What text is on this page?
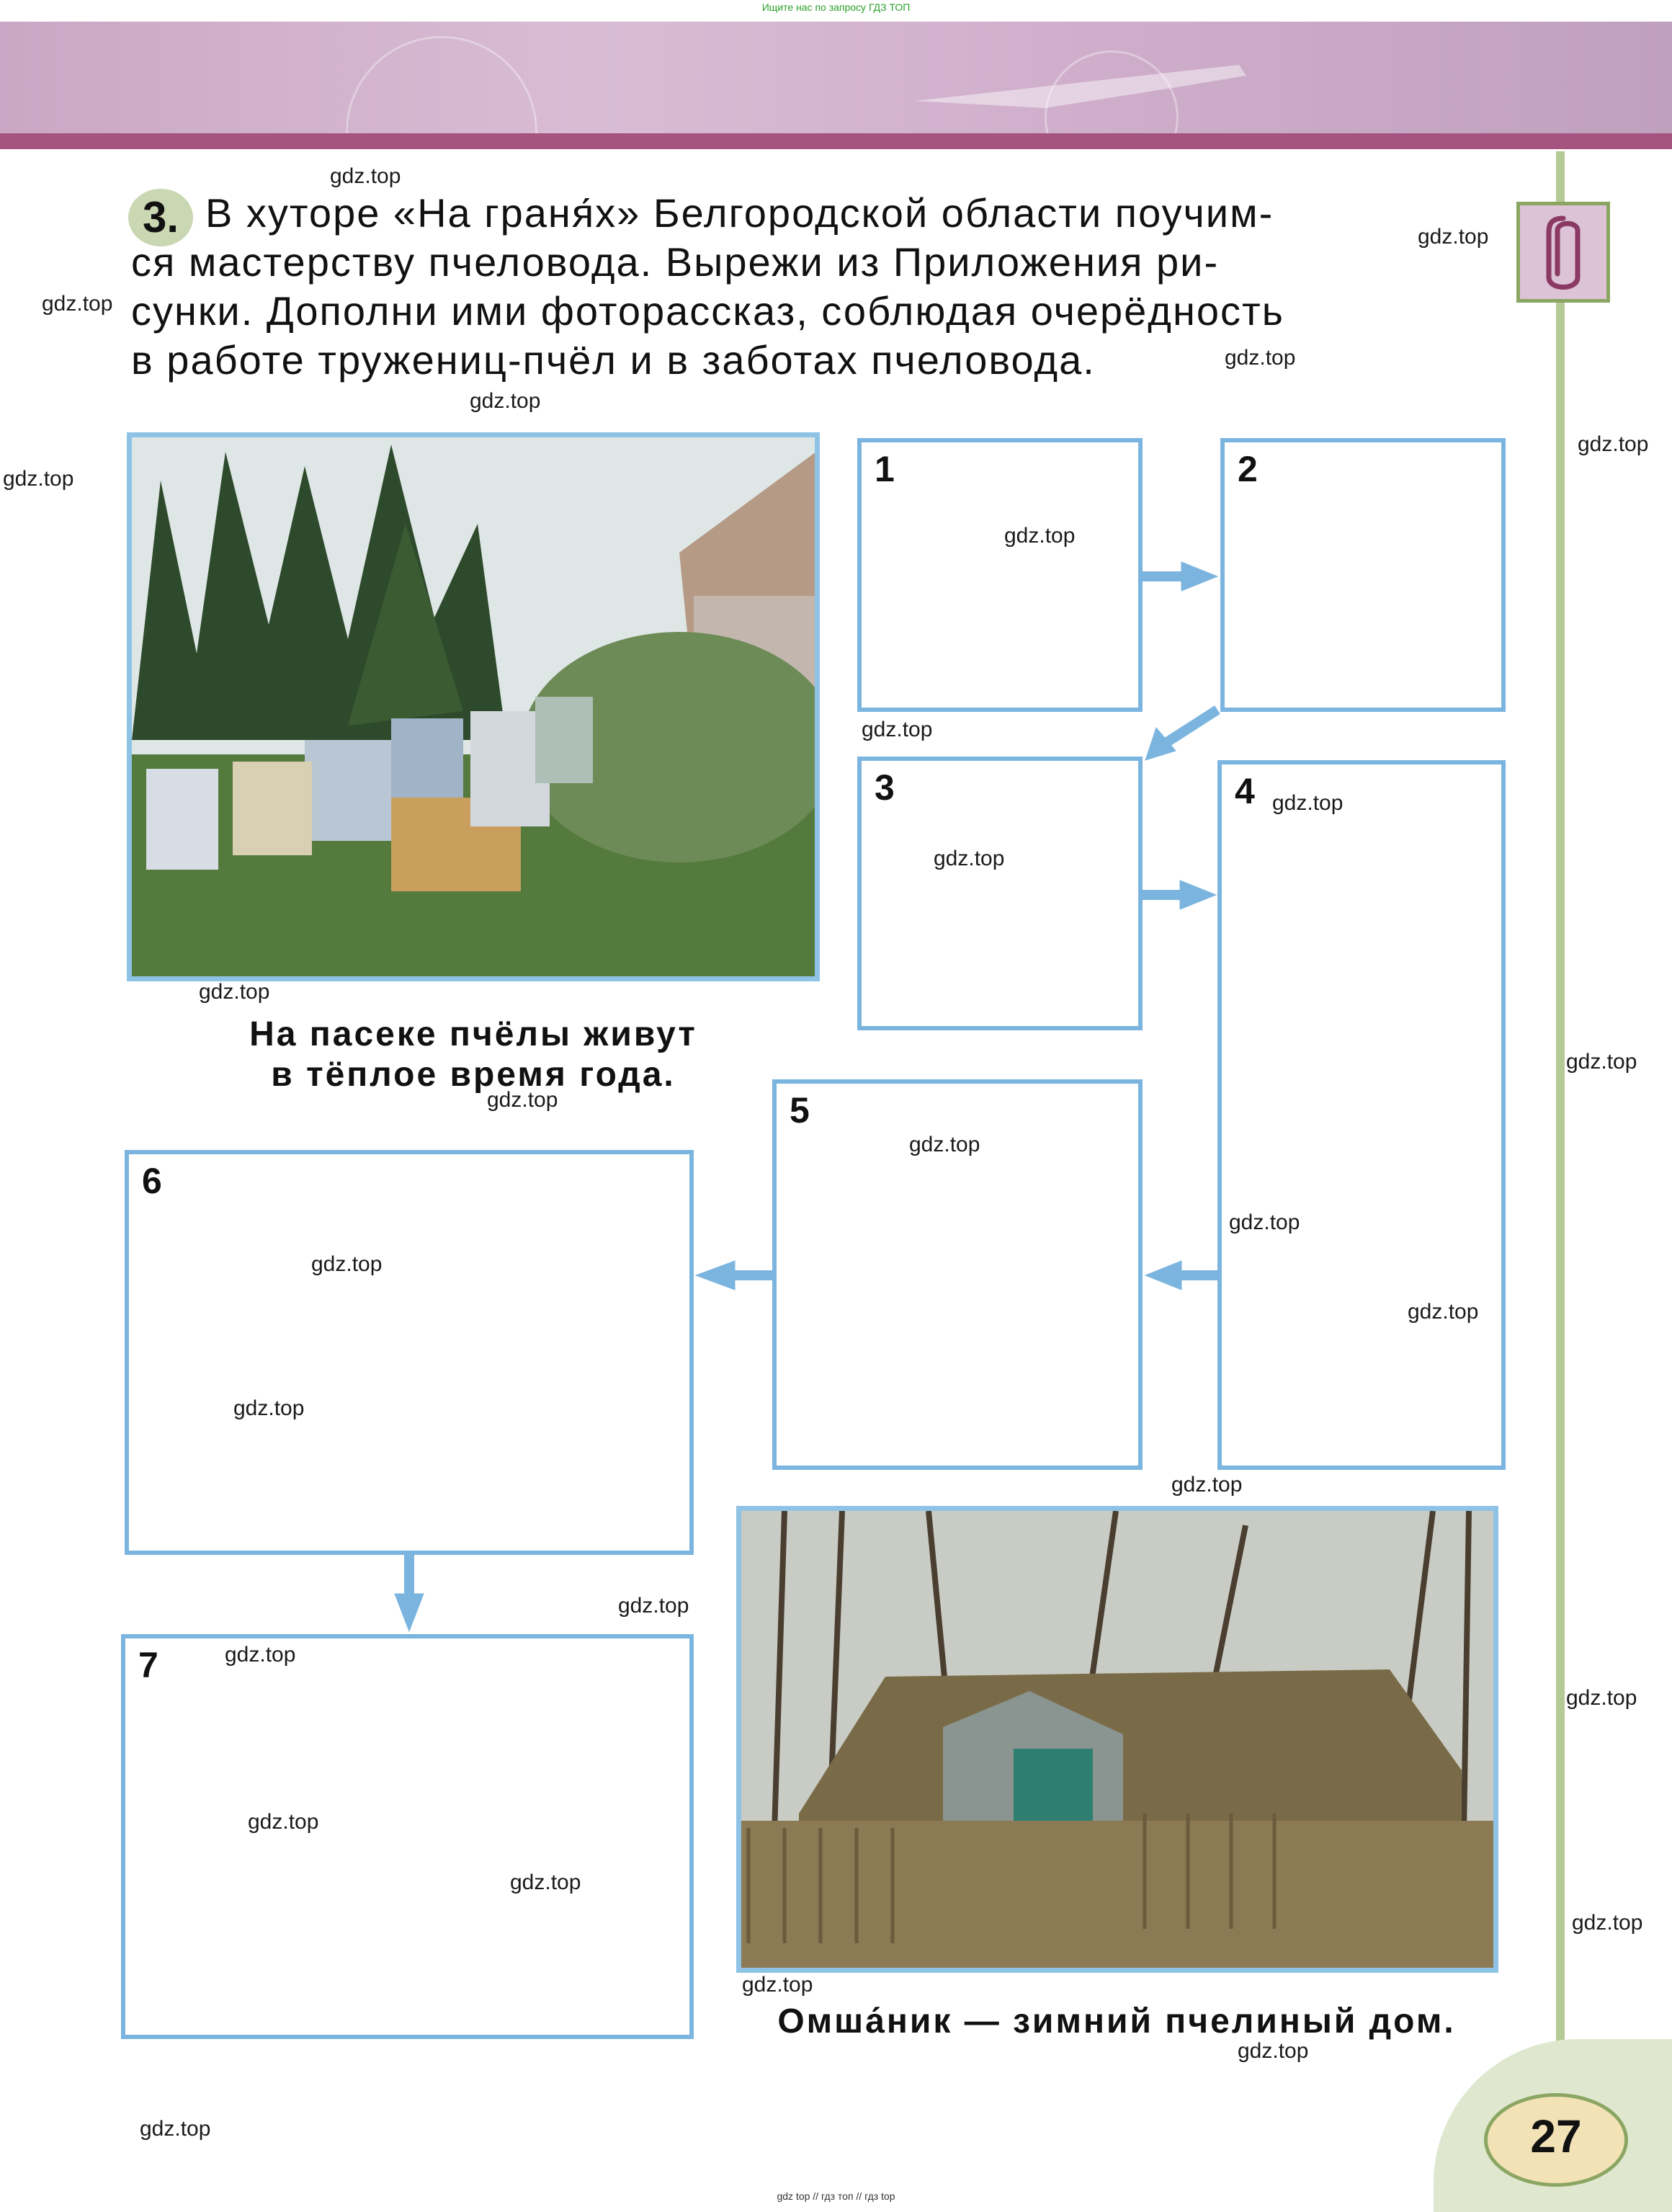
Ищите нас по запросу ГДЗ ТОП
3. В хуторе «На граня́х» Белгородской области поучим-
ся мастерству пчеловода. Вырежи из Приложения ри-
сунки. Дополни ими фоторассказ, соблюдая очерёдность
в работе тружениц-пчёл и в заботах пчеловода.
На пасеке пчёлы живут
в тёплое время года.
Омша́ник — зимний пчелиный дом.
1	2
3	4
5
6
7
27
gdz.top
gdz.top
gdz.top
gdz.top
gdz.top
gdz.top
gdz.top
gdz.top
gdz.top
gdz.top
gdz.top
gdz.top
gdz.top
gdz.top
gdz.top
gdz.top
gdz.top
gdz.top
gdz.top
gdz.top
gdz.top
gdz.top
gdz.top
gdz.top
gdz.top
gdz.top
gdz.top
gdz.top
gdz.top
gdz top // гдз топ // гдз top
